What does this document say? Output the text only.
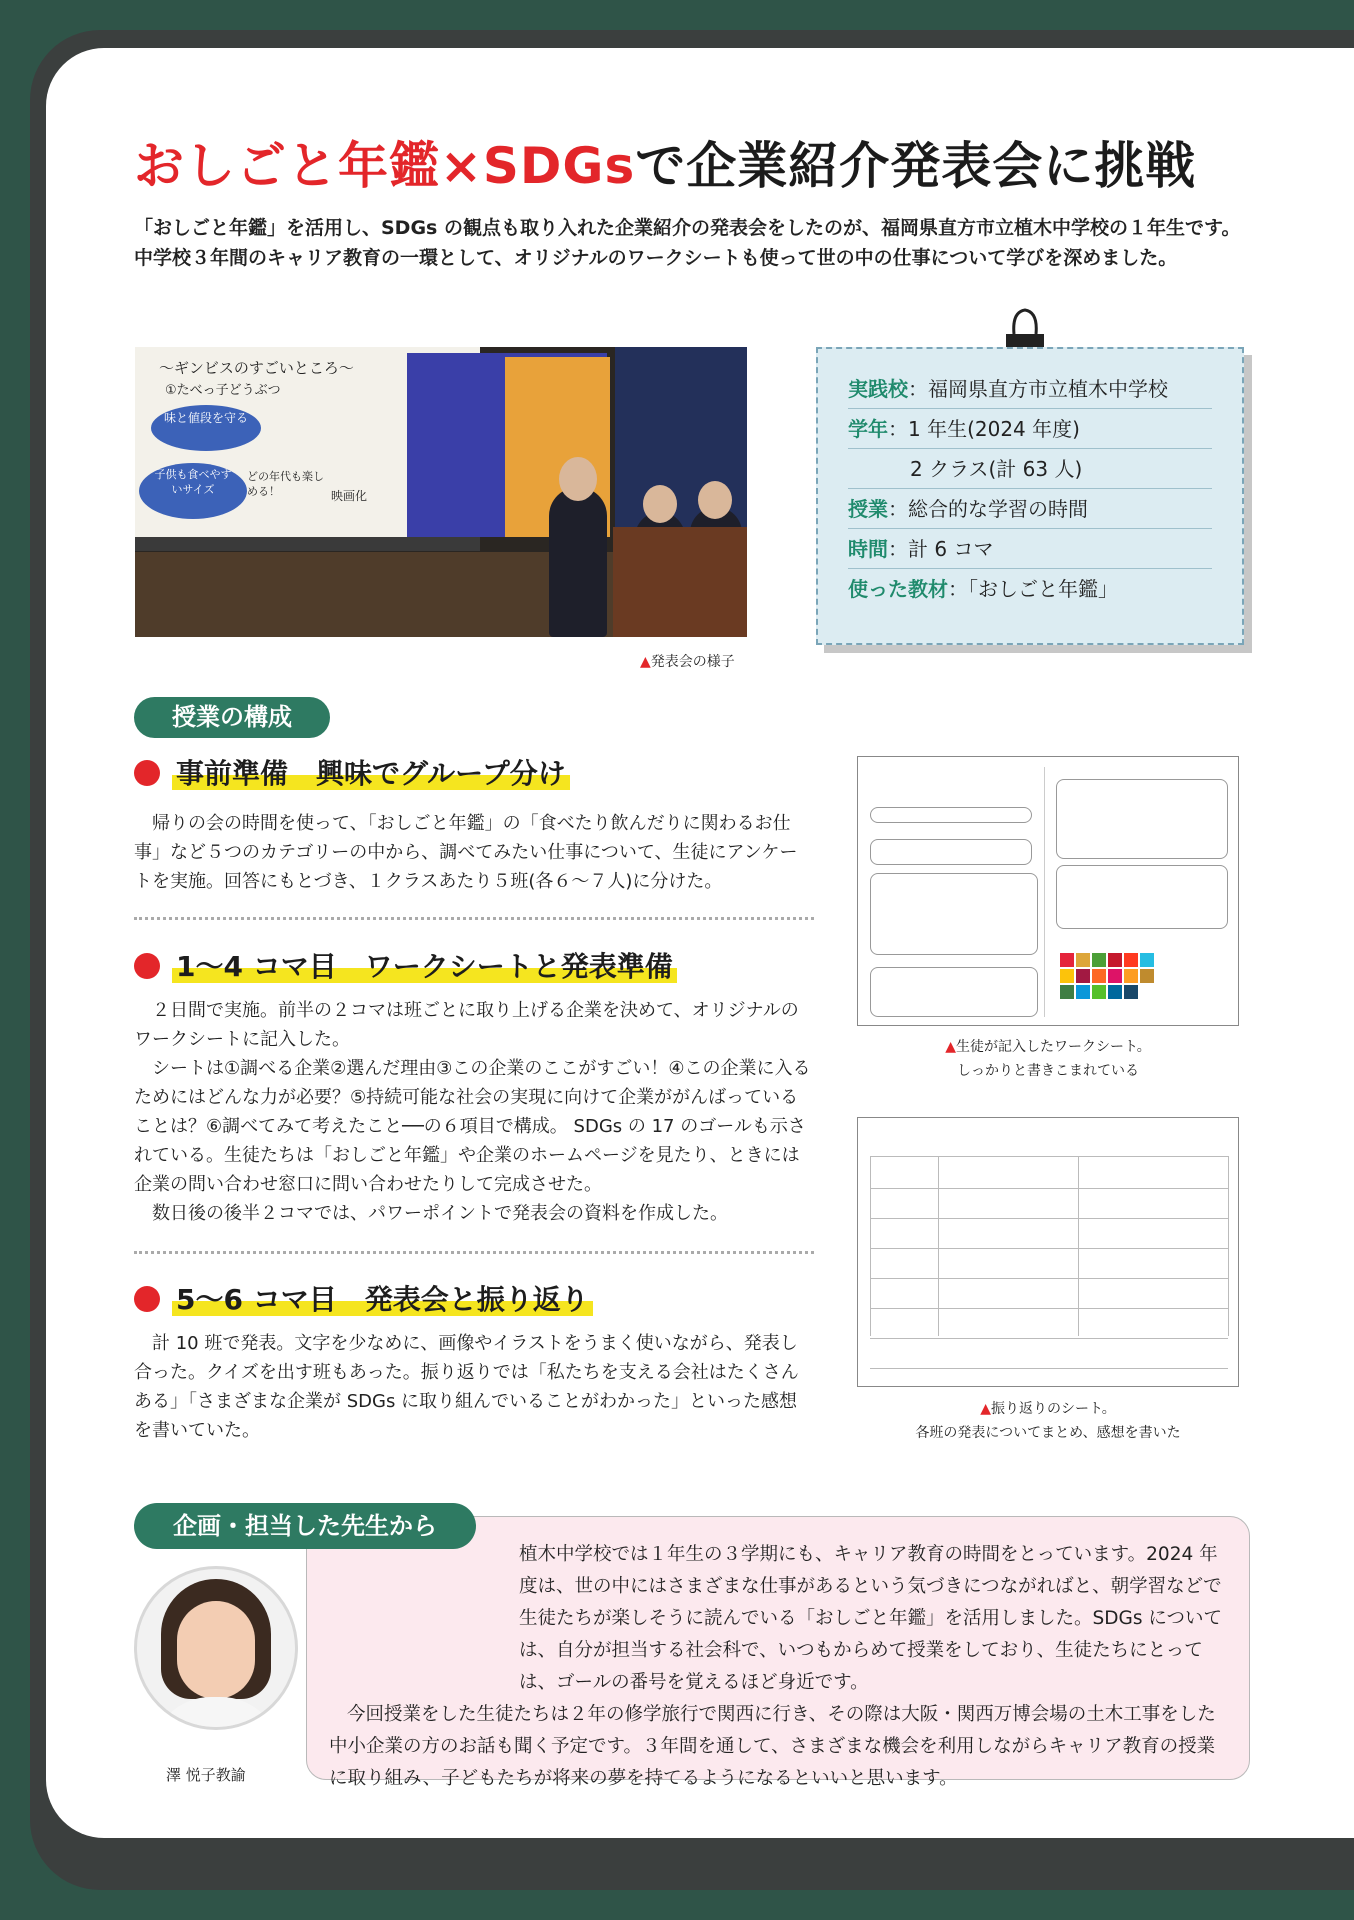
おしごと年鑑×SDGsで企業紹介発表会に挑戦

「おしごと年鑑」を活用し、SDGs の観点も取り入れた企業紹介の発表会をしたのが、福岡県直方市立植木中学校の１年生です。中学校３年間のキャリア教育の一環として、オリジナルのワークシートも使って世の中の仕事について学びを深めました。

〜ギンビスのすごいところ〜
①たべっ子どうぶつ
味と値段を守る
子供も食べやすいサイズ
どの年代も楽しめる！	映画化
▲発表会の様子
実践校：福岡県直方市立植木中学校
学年：1 年生(2024 年度)
2 クラス(計 63 人)
授業：総合的な学習の時間
時間：計 6 コマ
使った教材：「おしごと年鑑」
授業の構成
事前準備　興味でグループ分け

帰りの会の時間を使って、「おしごと年鑑」の「食べたり飲んだりに関わるお仕事」など５つのカテゴリーの中から、調べてみたい仕事について、生徒にアンケートを実施。回答にもとづき、１クラスあたり５班(各６〜７人)に分けた。

1〜4 コマ目　ワークシートと発表準備

２日間で実施。前半の２コマは班ごとに取り上げる企業を決めて、オリジナルのワークシートに記入した。

シートは①調べる企業②選んだ理由③この企業のここがすごい！④この企業に入るためにはどんな力が必要？⑤持続可能な社会の実現に向けて企業ががんばっていることは？⑥調べてみて考えたこと──の６項目で構成。 SDGs の 17 のゴールも示されている。生徒たちは「おしごと年鑑」や企業のホームページを見たり、ときには企業の問い合わせ窓口に問い合わせたりして完成させた。

数日後の後半２コマでは、パワーポイントで発表会の資料を作成した。

5〜6 コマ目　発表会と振り返り

計 10 班で発表。文字を少なめに、画像やイラストをうまく使いながら、発表し合った。クイズを出す班もあった。振り返りでは「私たちを支える会社はたくさんある」「さまざまな企業が SDGs に取り組んでいることがわかった」といった感想を書いていた。

▲生徒が記入したワークシート。
しっかりと書きこまれている
▲振り返りのシート。
各班の発表についてまとめ、感想を書いた

植木中学校では１年生の３学期にも、キャリア教育の時間をとっています。2024 年度は、世の中にはさまざまな仕事があるという気づきにつながればと、朝学習などで生徒たちが楽しそうに読んでいる「おしごと年鑑」を活用しました。SDGs については、自分が担当する社会科で、いつもからめて授業をしており、生徒たちにとっては、ゴールの番号を覚えるほど身近です。

今回授業をした生徒たちは２年の修学旅行で関西に行き、その際は大阪・関西万博会場の土木工事をした中小企業の方のお話も聞く予定です。３年間を通して、さまざまな機会を利用しながらキャリア教育の授業に取り組み、子どもたちが将来の夢を持てるようになるといいと思います。

企画・担当した先生から
澤 悦子教諭
